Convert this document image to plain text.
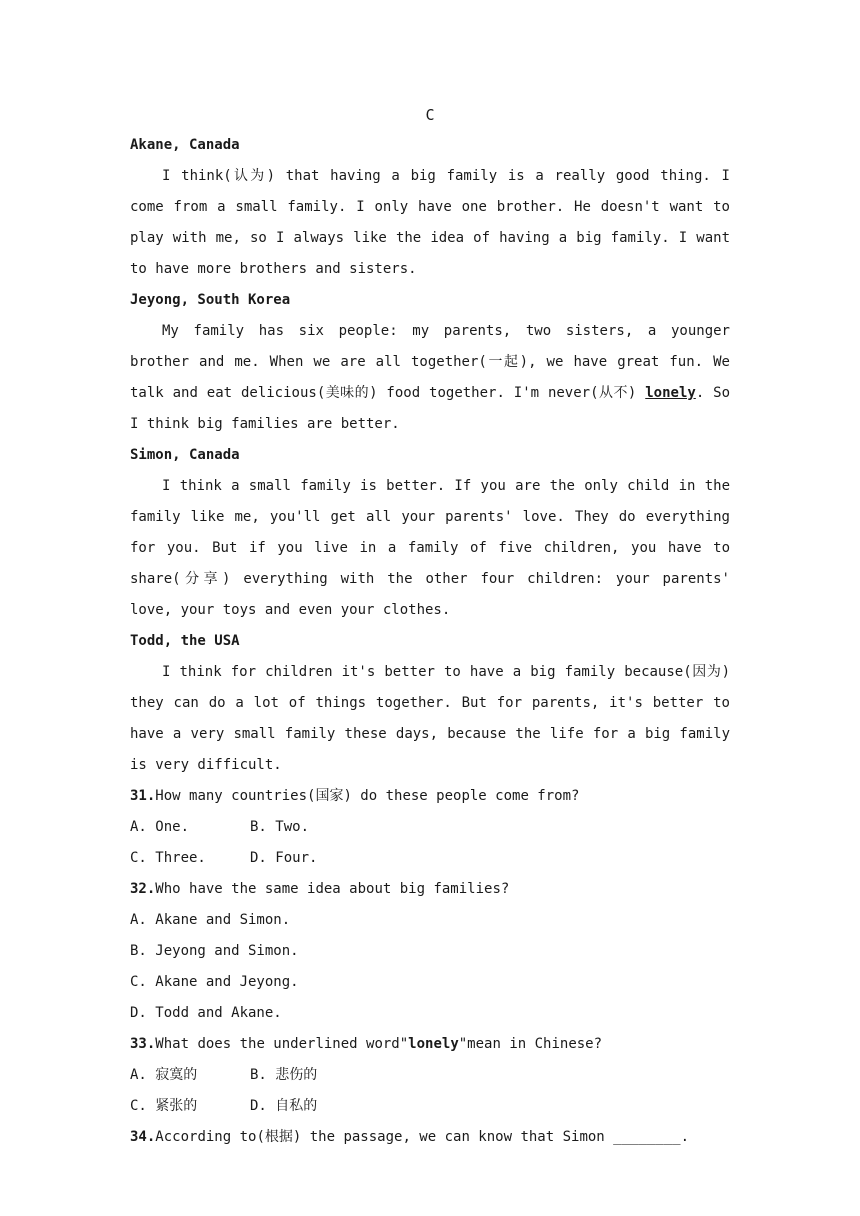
C
Akane, Canada

I think(认为) that having a big family is a really good thing. I come from a small family. I only have one brother. He doesn't want to play with me, so I always like the idea of having a big family. I want to have more brothers and sisters.

Jeyong, South Korea

My family has six people: my parents, two sisters, a younger brother and me. When we are all together(一起), we have great fun. We talk and eat delicious(美味的) food together. I'm never(从不) lonely. So I think big families are better.

Simon, Canada

I think a small family is better. If you are the only child in the family like me, you'll get all your parents' love. They do everything for you. But if you live in a family of five children, you have to share(分享) everything with the other four children: your parents' love, your toys and even your clothes.

Todd, the USA

I think for children it's better to have a big family because(因为) they can do a lot of things together. But for parents, it's better to have a very small family these days, because the life for a big family is very difficult.

31.How many countries(国家) do these people come from?
A. One.	B. Two.
C. Three.	D. Four.
32.Who have the same idea about big families?
A. Akane and Simon.
B. Jeyong and Simon.
C. Akane and Jeyong.
D. Todd and Akane.
33.What does the underlined word"lonely"mean in Chinese?
A. 寂寞的	B. 悲伤的
C. 紧张的	D. 自私的
34.According to(根据) the passage, we can know that Simon ________.
